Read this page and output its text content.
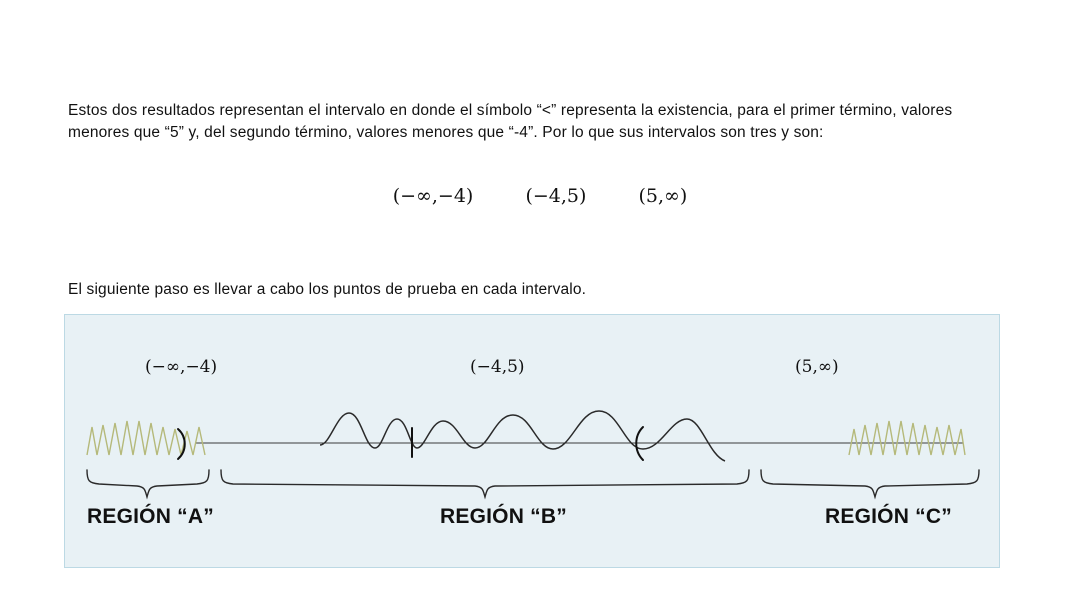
Estos dos resultados representan el intervalo en donde el símbolo “<” representa la existencia, para el primer término, valores menores que “5” y, del segundo término, valores menores que “-4”. Por lo que sus intervalos son tres y son:

(−∞,−4)	(−4,5)	(5,∞)

El siguiente paso es llevar a cabo los puntos de prueba en cada intervalo.

(−∞,−4)	(−4,5)	(5,∞)
REGIÓN “A”	REGIÓN “B”	REGIÓN “C”
